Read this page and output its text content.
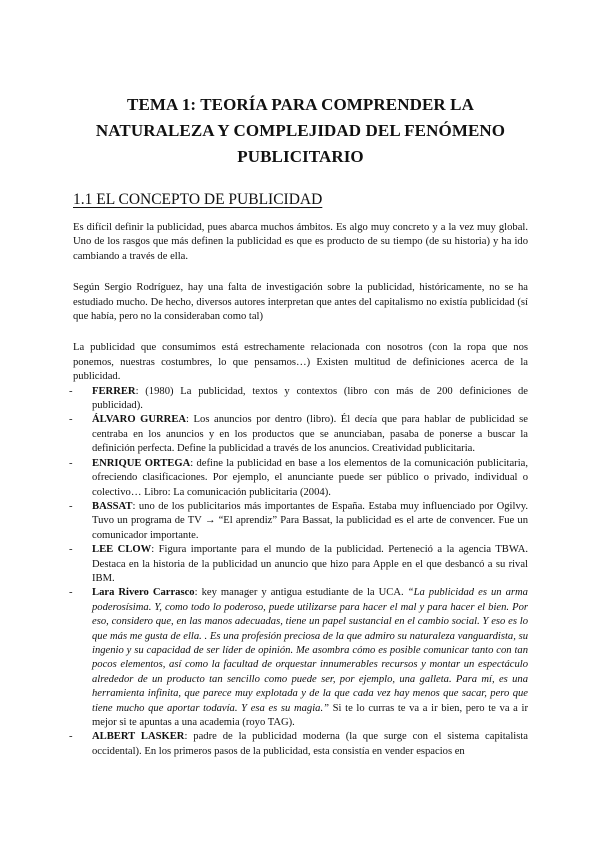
TEMA 1: TEORÍA PARA COMPRENDER LA NATURALEZA Y COMPLEJIDAD DEL FENÓMENO PUBLICITARIO
1.1 EL CONCEPTO DE PUBLICIDAD

Es difícil definir la publicidad, pues abarca muchos ámbitos. Es algo muy concreto y a la vez muy global. Uno de los rasgos que más definen la publicidad es que es producto de su tiempo (de su historia) y ha ido cambiando a través de ella.

Según Sergio Rodríguez, hay una falta de investigación sobre la publicidad, históricamente, no se ha estudiado mucho. De hecho, diversos autores interpretan que antes del capitalismo no existía publicidad (sí que había, pero no la consideraban como tal)

La publicidad que consumimos está estrechamente relacionada con nosotros (con la ropa que nos ponemos, nuestras costumbres, lo que pensamos…) Existen multitud de definiciones acerca de la publicidad.

- FERRER: (1980) La publicidad, textos y contextos (libro con más de 200 definiciones de publicidad).
- ÁLVARO GURREA: Los anuncios por dentro (libro). Él decía que para hablar de publicidad se centraba en los anuncios y en los productos que se anunciaban, pasaba de ponerse a buscar la definición perfecta. Define la publicidad a través de los anuncios. Creatividad publicitaria.
- ENRIQUE ORTEGA: define la publicidad en base a los elementos de la comunicación publicitaria, ofreciendo clasificaciones. Por ejemplo, el anunciante puede ser público o privado, individual o colectivo… Libro: La comunicación publicitaria (2004).
- BASSAT: uno de los publicitarios más importantes de España. Estaba muy influenciado por Ogilvy. Tuvo un programa de TV → “El aprendiz” Para Bassat, la publicidad es el arte de convencer. Fue un comunicador importante.
- LEE CLOW: Figura importante para el mundo de la publicidad. Perteneció a la agencia TBWA. Destaca en la historia de la publicidad un anuncio que hizo para Apple en el que desbancó a su rival IBM.
- Lara Rivero Carrasco: key manager y antigua estudiante de la UCA. “La publicidad es un arma poderosísima. Y, como todo lo poderoso, puede utilizarse para hacer el mal y para hacer el bien. Por eso, considero que, en las manos adecuadas, tiene un papel sustancial en el cambio social. Y eso es lo que más me gusta de ella. . Es una profesión preciosa de la que admiro su naturaleza vanguardista, su ingenio y su capacidad de ser líder de opinión. Me asombra cómo es posible comunicar tanto con tan pocos elementos, así como la facultad de orquestar innumerables recursos y montar un espectáculo alrededor de un producto tan sencillo como puede ser, por ejemplo, una galleta. Para mí, es una herramienta infinita, que parece muy explotada y de la que cada vez hay menos que sacar, pero que tiene mucho que aportar todavía. Y esa es su magia.” Si te lo curras te va a ir bien, pero te va a ir mejor si te apuntas a una academia (royo TAG).
- ALBERT LASKER: padre de la publicidad moderna (la que surge con el sistema capitalista occidental). En los primeros pasos de la publicidad, esta consistía en vender espacios en
